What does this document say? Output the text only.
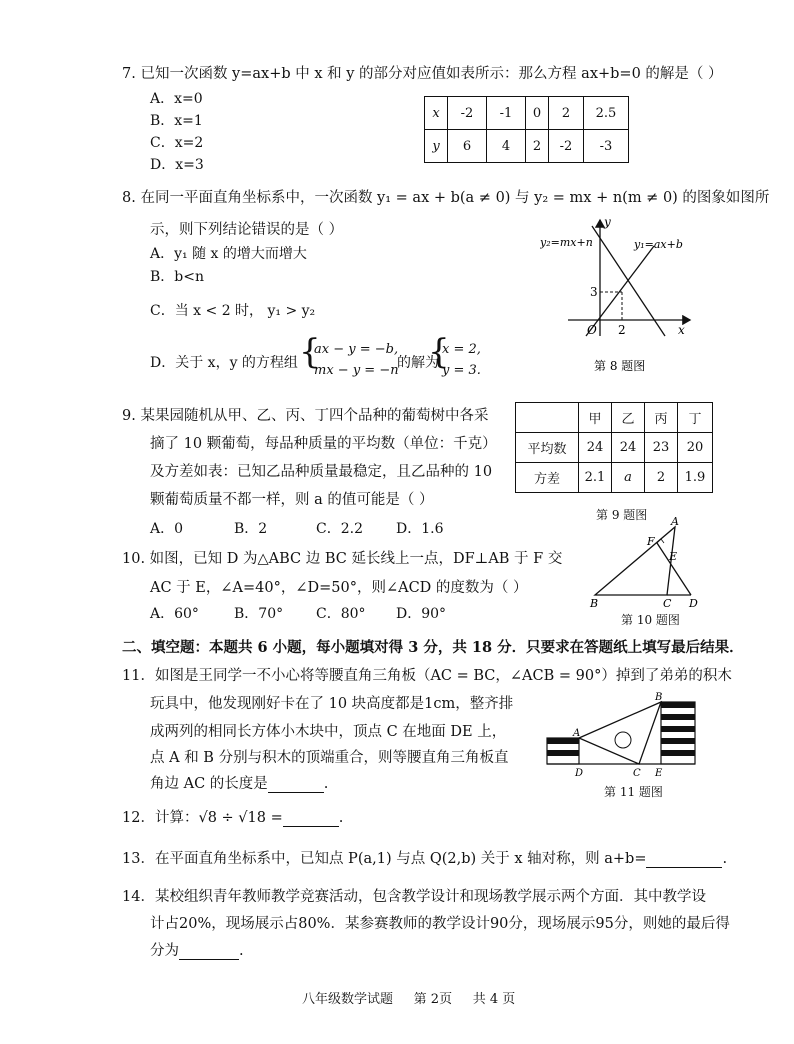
7. 已知一次函数 y=ax+b 中 x 和 y 的部分对应值如表所示：那么方程 ax+b=0 的解是（ ）
A．x=0
B．x=1
C．x=2
D．x=3
x	-2	-1	0	2	2.5
y	6	4	2	-2	-3
8. 在同一平面直角坐标系中，一次函数 y₁ = ax + b(a ≠ 0) 与 y₂ = mx + n(m ≠ 0) 的图象如图所
示，则下列结论错误的是（ ）
A．y₁ 随 x 的增大而增大
B．b<n
C．当 x < 2 时， y₁ > y₂
D．关于 x，y 的方程组 {
ax − y = −b,
mx − y = −n
的解为
{
x = 2,
y = 3.
y
x
O
3
2
y₂=mx+n	y₁=ax+b
第 8 题图
9. 某果园随机从甲、乙、丙、丁四个品种的葡萄树中各采
摘了 10 颗葡萄，每品种质量的平均数（单位：千克）
及方差如表：已知乙品种质量最稳定，且乙品种的 10
颗葡萄质量不都一样，则 a 的值可能是（ ）
A．0	B．2	C．2.2 D．1.6
	甲	乙	丙	丁
平均数	24	24	23	20
方差	2.1	a	2	1.9
第 9 题图
10. 如图，已知 D 为△ABC 边 BC 延长线上一点，DF⊥AB 于 F 交
AC 于 E，∠A=40°，∠D=50°，则∠ACD 的度数为（ ）
A．60°	B．70° C．80° D．90°
A
B	C D
E
F
第 10 题图
二、填空题：本题共 6 小题，每小题填对得 3 分，共 18 分．只要求在答题纸上填写最后结果．
11．如图是王同学一不小心将等腰直角三角板（AC = BC，∠ACB = 90°）掉到了弟弟的积木
玩具中，他发现刚好卡在了 10 块高度都是1cm，整齐排
成两列的相同长方体小木块中，顶点 C 在地面 DE 上，
点 A 和 B 分别与积木的顶端重合，则等腰直角三角板直
角边 AC 的长度是	.
A
B
C
D	E
第 11 题图
12．计算：√8 ÷ √18 =	.
13．在平面直角坐标系中，已知点 P(a,1) 与点 Q(2,b) 关于 x 轴对称，则 a+b=	.
14．某校组织青年教师教学竞赛活动，包含教学设计和现场教学展示两个方面．其中教学设
计占20%，现场展示占80%．某参赛教师的教学设计90分，现场展示95分，则她的最后得
分为	.
八年级数学试题     第 2页     共 4 页
